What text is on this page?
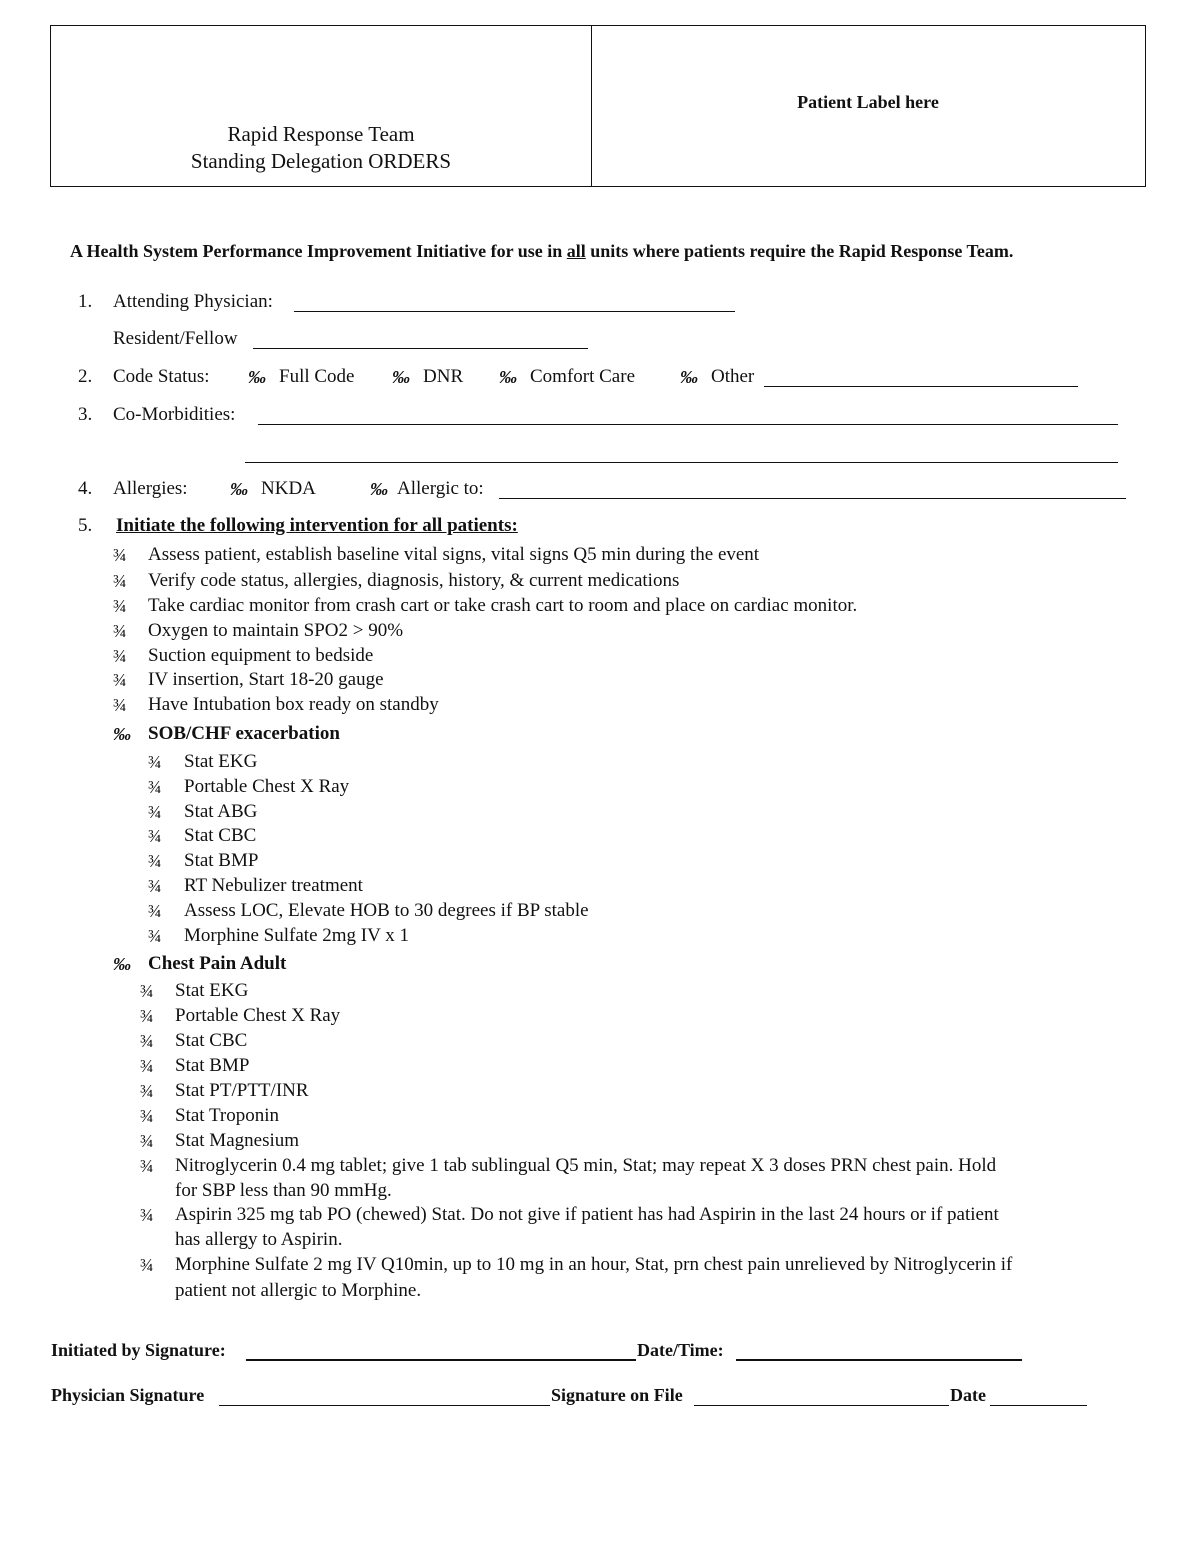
Rapid Response Team
Standing Delegation ORDERS
Patient Label here
A Health System Performance Improvement Initiative for use in all units where patients require the Rapid Response Team.
1. Attending Physician:
Resident/Fellow
2. Code Status: ‰ Full Code ‰ DNR ‰ Comfort Care ‰ Other
3. Co-Morbidities:
4. Allergies: ‰ NKDA	‰ Allergic to:
5. Initiate the following intervention for all patients:
¾ Assess patient, establish baseline vital signs, vital signs Q5 min during the event
¾ Verify code status, allergies, diagnosis, history, & current medications
¾ Take cardiac monitor from crash cart or take crash cart to room and place on cardiac monitor.
¾ Oxygen to maintain SPO2 > 90%
¾ Suction equipment to bedside
¾ IV insertion, Start 18-20 gauge
¾ Have Intubation box ready on standby
‰ SOB/CHF exacerbation
¾ Stat EKG
¾ Portable Chest X Ray
¾ Stat ABG
¾ Stat CBC
¾ Stat BMP
¾ RT Nebulizer treatment
¾ Assess LOC, Elevate HOB to 30 degrees if BP stable
¾ Morphine Sulfate 2mg IV x 1
‰ Chest Pain Adult
¾ Stat EKG
¾ Portable Chest X Ray
¾ Stat CBC
¾ Stat BMP
¾ Stat PT/PTT/INR
¾ Stat Troponin
¾ Stat Magnesium
¾ Nitroglycerin 0.4 mg tablet; give 1 tab sublingual Q5 min, Stat; may repeat X 3 doses PRN chest pain. Hold
for SBP less than 90 mmHg.
¾ Aspirin 325 mg tab PO (chewed) Stat. Do not give if patient has had Aspirin in the last 24 hours or if patient
has allergy to Aspirin.
¾ Morphine Sulfate 2 mg IV Q10min, up to 10 mg in an hour, Stat, prn chest pain unrelieved by Nitroglycerin if
patient not allergic to Morphine.
Initiated by Signature:	Date/Time:
Physician Signature	Signature on File	Date
